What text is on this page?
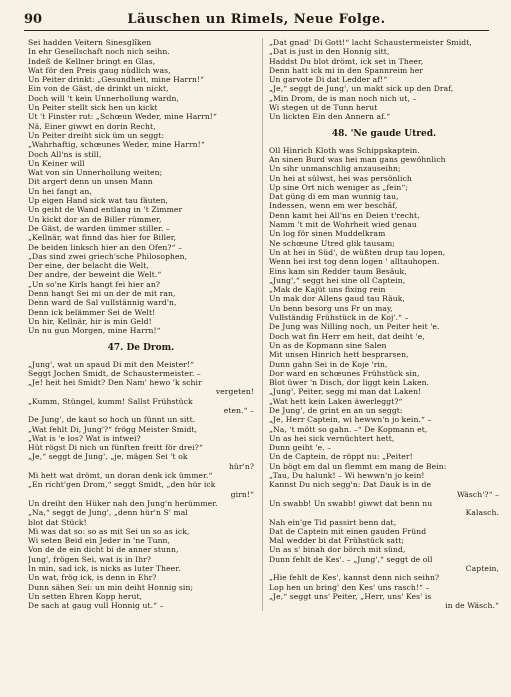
90	Läuschen un Rimels, Neue Folge.
Sei hadden Veitern Sinesglîken
In ehr Gesellschaft noch nich seihn.
Indeß de Kellner bringt en Glas,
Wat för den Preis gaug nüdlich was,
Un Peiter drinkt: „Gesundheit, mine Harrn!“
Ein von de Gäst, de drinkt un nickt,
Doch will 't kein Unnerhollung wardn,
Un Peiter stellt sick hen un kickt
Ut 't Finster rut: „Schœun Weder, mine Harrn!“
Nä, Einer giwwt en dorin Recht,
Un Peiter dreiht sick üm un seggt:
„Wahrhaftig, schœunes Weder, mine Harrn!“
Doch All'ns is still,
Un Keiner will
Wat von sin Unnerhollung weiten;
Dit argert denn un unsen Mann
Un hei fangt an,
Up eigen Hand sick wat tau fäuten,
Un geiht de Wand entlang in 't Zimmer
Un kickt dor an de Biller rümmer,
De Gäst, de warden ümmer stiller. –
„Kellnär, wat finnd das hier for Biller,
De beiden linksch hier an den Ofen?“ –
„Das sind zwei griech'sche Philosophen,
Der eine, der belacht die Welt,
Der andre, der beweint die Welt.“
„Un so'ne Kirls hangt fei hier an?
Denn hangt Sei mi un der de mit ran,
Denn ward de Sal vullstännig ward'n,
Denn ick belämmer Sei de Welt!
Un hir, Kellnär, hir is min Geld!
Un nu gun Morgen, mine Harrn!“
47. De Drom.
„Jung', wat un spaud Di mit den Meister!“
Seggt Jochen Smidt, de Schaustermeister. –
„Je! heit hei Smidt? Den Nam' hewo 'k schir
vergeten!
„Kumm, Stüngel, kumm! Sallst Frühstück
eten.“ –
De Jung', de kaut so hoch un fünnt un sitt.
„Wat fehlt Di, Jung'?“ frögg Meister Smidt,
„Wat is 'e los? Wat is intwei?
Hüt rögst Di nich un fünften freitt för drei?“
„Je,“ seggt de Jung', „je, mägen Sei 't ok
hür'n?
Mi hett wat drömt, un doran denk ick ümmer.“
„En richt'gen Drom,“ seggt Smidt, „den hür ick
girn!“
Un dreiht den Hüker nah den Jung'n herümmer.
„Na,“ seggt de Jung', „denn hür'n S' mal
blot dat Stück!
Mi was dat so: so as mit Sei un so as ick,
Wi seten Beid ein Jeder in 'ne Tunn,
Von de de ein dicht bi de anner stunn,
Jung', frögen Sei, wat is in Ihr?
In min, sad ick, is nicks as luter Theer.
Un wat, frög ick, is denn in Ehr?
Dunn sähen Sei: un min deiht Honnig sin;
Un setten Ehren Kopp herut,
De sach at gaug vull Honnig ut.“ –
„Dat gnad' Di Gott!“ lacht Schaustermeister Smidt,
„Dat is just in den Honnig sitt,
Haddst Du blot drömt, ick set in Theer,
Denn hatt ick mi in den Spannreim her
Un garvote Di dat Ledder af!“
„Je,“ seggt de Jung', un makt sick up den Draf,
„Min Drom, de is man noch nich ut, –
Wi stegen ut de Tunn herut
Un lickten Ein den Annern af.“
48. 'Ne gaude Utred.
Oll Hinrich Kloth was Schippskaptein.
An sinen Burd was hei man gans gewöhnlich
Un sihr unmanschlig anzauseihn;
Un hei at sülwst, hei was persönlich
Up sine Ort nich weniger as „fein“;
Dat güng di em man wunnig tau,
Indessen, wenn em wer beschâf,
Denn kamt hei All'ns en Deien t'recht,
Namm 't mit de Wohrheit wied genau
Un log för sinen Muddelkram
Ne schœune Utred glik tausam;
Un at hei in Süd', de wüßten drup tau lopen,
Wenn hei irst tog denn logen ' alltauhopen.
Eins kam sin Redder taum Besäuk,
„Jung',“ seggt hei sine oll Captein,
„Mak de Kajüt uns fixing rein
Un mak dor Allens gaud tau Räuk,
Un benn besorg uns Fr un may,
Vullständig Frühstück in de Koj'.“ –
De Jung was Nilling noch, un Peiter heit 'e.
Doch wat fin Herr em heit, dat deiht 'e,
Un as de Kopmann sine Salen
Mit unsen Hinrich hett besprarsen,
Dunn gahn Sei in de Koje 'rin,
Dor ward en schœunes Frühstück sin,
Blot üwer 'n Disch, dor liggt kein Laken.
„Jung', Peiter, segg mi man dat Laken!
„Wat hett kein Laken äwerleggt?“
De Jung', de grint en an un seggt:
„Je, Herr Captein, wi hewwn'n jo kein.“ –
„Na, 't mött so gahn. –“ De Kopmann et,
Un as hei sick vernüchtert hett,
Dunn geiht 'e. –
Un de Captein, de röppt nu: „Peiter!
Un bögt em dal un flemmt em mang de Bein:
„Tau, Du halunk! – Wi hewwn'n jo kein!
Kannst Du nich segg'n: Dat Dauk is in de
Wäsch'?“ –
Un swabb! Un swabb! giwwt dat benn nu
Kalasch.
Nah ein'ge Tid passirt benn dat,
Dat de Captein mit einen gauden Fründ
Mal wedder bi dat Frühstück satt;
Un as s' binah dor börch mit sünd,
Dunn fehlt de Kes'. – „Jung',“ seggt de oll
Captein,
„Hie fehlt de Kes', kannst denn nich seihn?
Lop hen un bring' den Kes' uns rasch!“ –
„Je,“ seggt uns' Peiter, „Herr, uns' Kes' is
in de Wäsch.“
